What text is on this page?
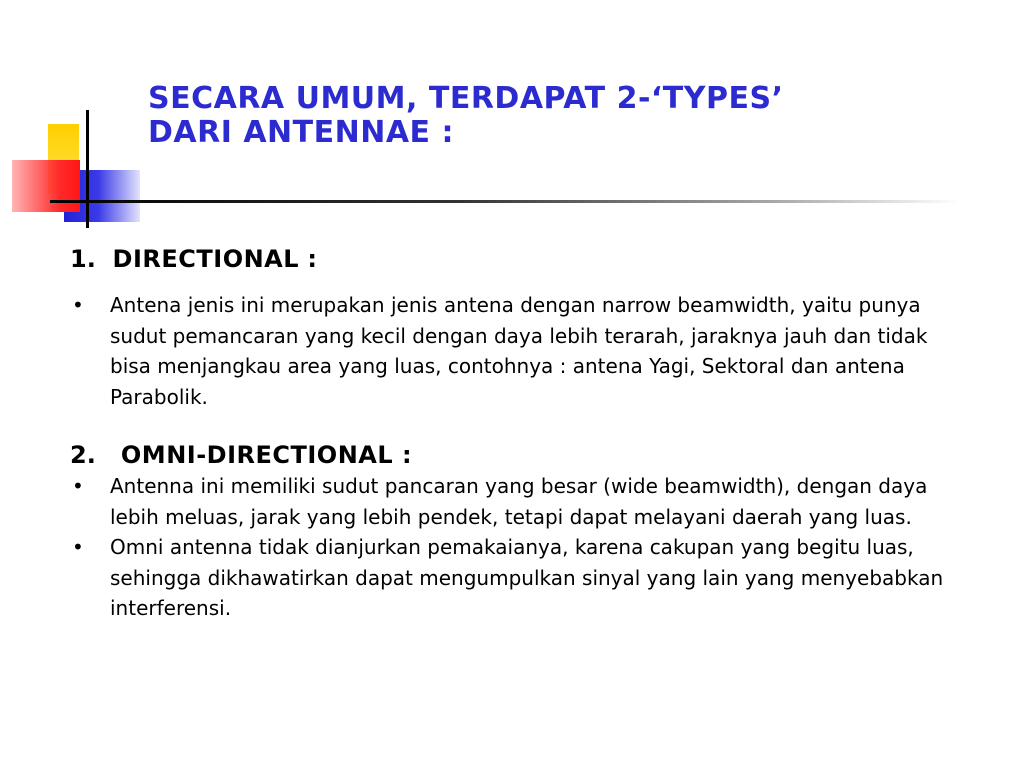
SECARA UMUM, TERDAPAT 2-‘TYPES’
DARI ANTENNAE :
1. DIRECTIONAL :
• Antena jenis ini merupakan jenis antena dengan narrow beamwidth, yaitu punya sudut pemancaran yang kecil dengan daya lebih terarah, jaraknya jauh dan tidak bisa menjangkau area yang luas, contohnya : antena Yagi, Sektoral dan antena Parabolik.
2. OMNI-DIRECTIONAL :
• Antenna ini memiliki sudut pancaran yang besar (wide beamwidth), dengan daya lebih meluas, jarak yang lebih pendek, tetapi dapat melayani daerah yang luas.
• Omni antenna tidak dianjurkan pemakaianya, karena cakupan yang begitu luas, sehingga dikhawatirkan dapat mengumpulkan sinyal yang lain yang menyebabkan interferensi.
